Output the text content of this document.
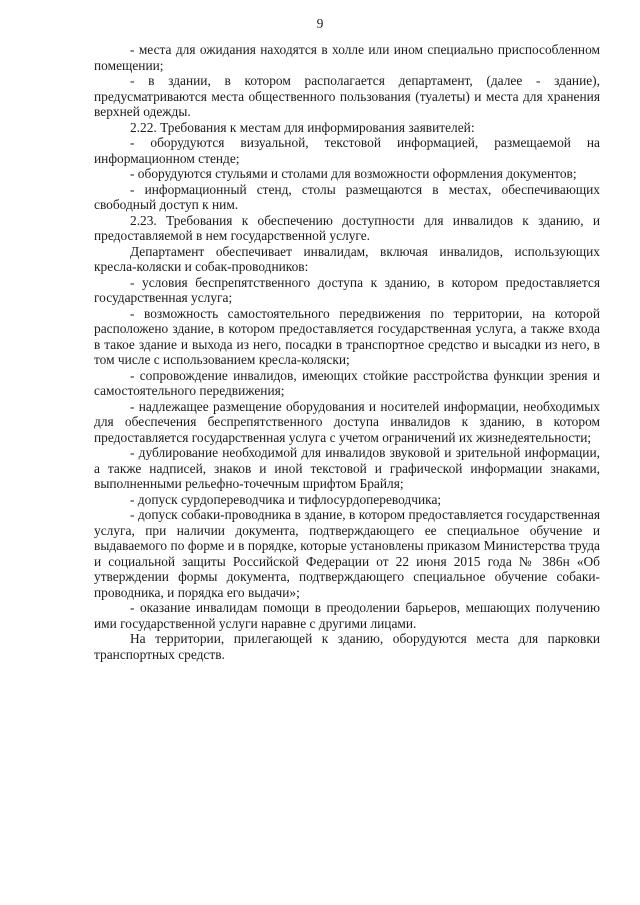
9

- места для ожидания находятся в холле или ином специально приспособленном помещении;

- в здании, в котором располагается департамент, (далее - здание), предусматриваются места общественного пользования (туалеты) и места для хранения верхней одежды.

2.22. Требования к местам для информирования заявителей:

- оборудуются визуальной, текстовой информацией, размещаемой на информационном стенде;

- оборудуются стульями и столами для возможности оформления документов;

- информационный стенд, столы размещаются в местах, обеспечивающих свободный доступ к ним.

2.23. Требования к обеспечению доступности для инвалидов к зданию, и предоставляемой в нем государственной услуге.

Департамент обеспечивает инвалидам, включая инвалидов, использующих кресла-коляски и собак-проводников:

- условия беспрепятственного доступа к зданию, в котором предоставляется государственная услуга;

- возможность самостоятельного передвижения по территории, на которой расположено здание, в котором предоставляется государственная услуга, а также входа в такое здание и выхода из него, посадки в транспортное средство и высадки из него, в том числе с использованием кресла-коляски;

- сопровождение инвалидов, имеющих стойкие расстройства функции зрения и самостоятельного передвижения;

- надлежащее размещение оборудования и носителей информации, необходимых для обеспечения беспрепятственного доступа инвалидов к зданию, в котором предоставляется государственная услуга с учетом ограничений их жизнедеятельности;

- дублирование необходимой для инвалидов звуковой и зрительной информации, а также надписей, знаков и иной текстовой и графической информации знаками, выполненными рельефно-точечным шрифтом Брайля;

- допуск сурдопереводчика и тифлосурдопереводчика;

- допуск собаки-проводника в здание, в котором предоставляется государственная услуга, при наличии документа, подтверждающего ее специальное обучение и выдаваемого по форме и в порядке, которые установлены приказом Министерства труда и социальной защиты Российской Федерации от 22 июня 2015 года № 386н «Об утверждении формы документа, подтверждающего специальное обучение собаки-проводника, и порядка его выдачи»;

- оказание инвалидам помощи в преодолении барьеров, мешающих получению ими государственной услуги наравне с другими лицами.

На территории, прилегающей к зданию, оборудуются места для парковки транспортных средств.
